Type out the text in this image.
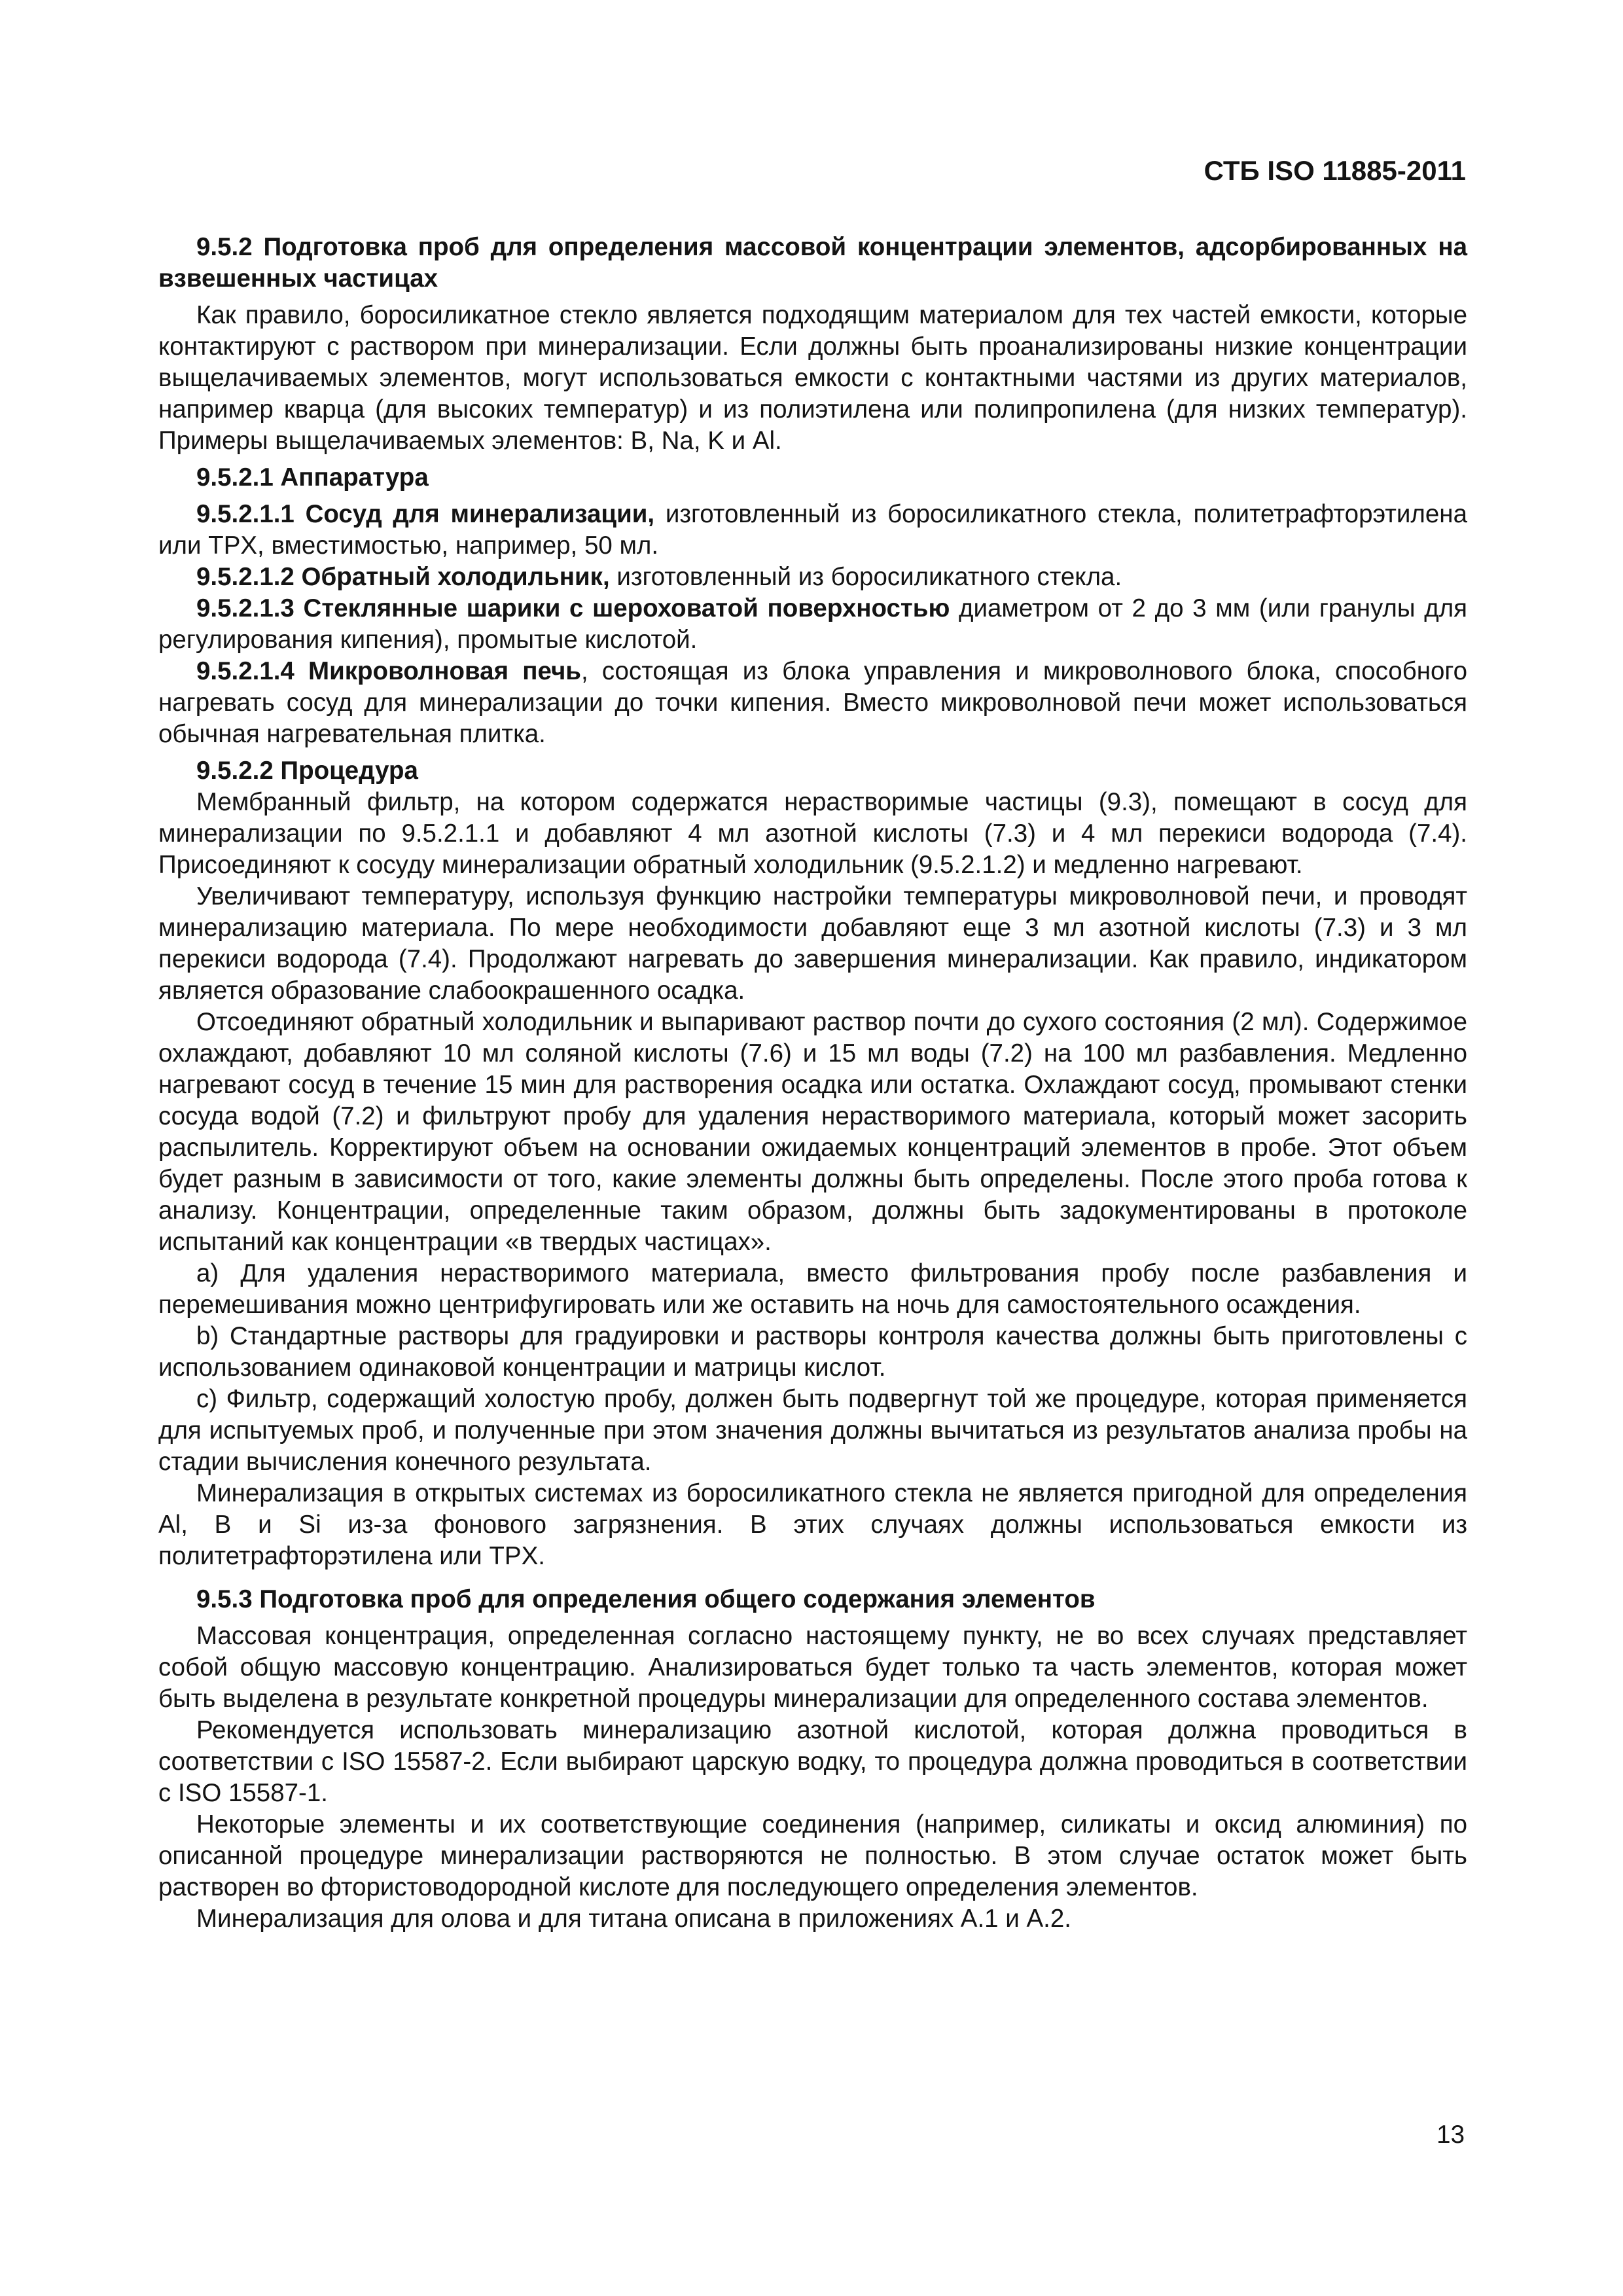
СТБ ISO 11885-2011

9.5.2 Подготовка проб для определения массовой концентрации элементов, адсорбированных на взвешенных частицах

Как правило, боросиликатное стекло является подходящим материалом для тех частей емкости, которые контактируют с раствором при минерализации. Если должны быть проанализированы низкие концентрации выщелачиваемых элементов, могут использоваться емкости с контактными частями из других материалов, например кварца (для высоких температур) и из полиэтилена или полипропилена (для низких температур). Примеры выщелачиваемых элементов: B, Na, K и Al.

9.5.2.1 Аппаратура

9.5.2.1.1 Сосуд для минерализации, изготовленный из боросиликатного стекла, политетрафторэтилена или TPX, вместимостью, например, 50 мл.

9.5.2.1.2 Обратный холодильник, изготовленный из боросиликатного стекла.

9.5.2.1.3 Стеклянные шарики с шероховатой поверхностью диаметром от 2 до 3 мм (или гранулы для регулирования кипения), промытые кислотой.

9.5.2.1.4 Микроволновая печь, состоящая из блока управления и микроволнового блока, способного нагревать сосуд для минерализации до точки кипения. Вместо микроволновой печи может использоваться обычная нагревательная плитка.

9.5.2.2 Процедура

Мембранный фильтр, на котором содержатся нерастворимые частицы (9.3), помещают в сосуд для минерализации по 9.5.2.1.1 и добавляют 4 мл азотной кислоты (7.3) и 4 мл перекиси водорода (7.4). Присоединяют к сосуду минерализации обратный холодильник (9.5.2.1.2) и медленно нагревают.

Увеличивают температуру, используя функцию настройки температуры микроволновой печи, и проводят минерализацию материала. По мере необходимости добавляют еще 3 мл азотной кислоты (7.3) и 3 мл перекиси водорода (7.4). Продолжают нагревать до завершения минерализации. Как правило, индикатором является образование слабоокрашенного осадка.

Отсоединяют обратный холодильник и выпаривают раствор почти до сухого состояния (2 мл). Содержимое охлаждают, добавляют 10 мл соляной кислоты (7.6) и 15 мл воды (7.2) на 100 мл разбавления. Медленно нагревают сосуд в течение 15 мин для растворения осадка или остатка. Охлаждают сосуд, промывают стенки сосуда водой (7.2) и фильтруют пробу для удаления нерастворимого материала, который может засорить распылитель. Корректируют объем на основании ожидаемых концентраций элементов в пробе. Этот объем будет разным в зависимости от того, какие элементы должны быть определены. После этого проба готова к анализу. Концентрации, определенные таким образом, должны быть задокументированы в протоколе испытаний как концентрации «в твердых частицах».

a) Для удаления нерастворимого материала, вместо фильтрования пробу после разбавления и перемешивания можно центрифугировать или же оставить на ночь для самостоятельного осаждения.

b) Стандартные растворы для градуировки и растворы контроля качества должны быть приготовлены с использованием одинаковой концентрации и матрицы кислот.

c) Фильтр, содержащий холостую пробу, должен быть подвергнут той же процедуре, которая применяется для испытуемых проб, и полученные при этом значения должны вычитаться из результатов анализа пробы на стадии вычисления конечного результата.

Минерализация в открытых системах из боросиликатного стекла не является пригодной для определения Al, B и Si из-за фонового загрязнения. В этих случаях должны использоваться емкости из политетрафторэтилена или TPX.

9.5.3 Подготовка проб для определения общего содержания элементов

Массовая концентрация, определенная согласно настоящему пункту, не во всех случаях представляет собой общую массовую концентрацию. Анализироваться будет только та часть элементов, которая может быть выделена в результате конкретной процедуры минерализации для определенного состава элементов.

Рекомендуется использовать минерализацию азотной кислотой, которая должна проводиться в соответствии с ISO 15587-2. Если выбирают царскую водку, то процедура должна проводиться в соответствии с ISO 15587-1.

Некоторые элементы и их соответствующие соединения (например, силикаты и оксид алюминия) по описанной процедуре минерализации растворяются не полностью. В этом случае остаток может быть растворен во фтористоводородной кислоте для последующего определения элементов.

Минерализация для олова и для титана описана в приложениях A.1 и A.2.

13
